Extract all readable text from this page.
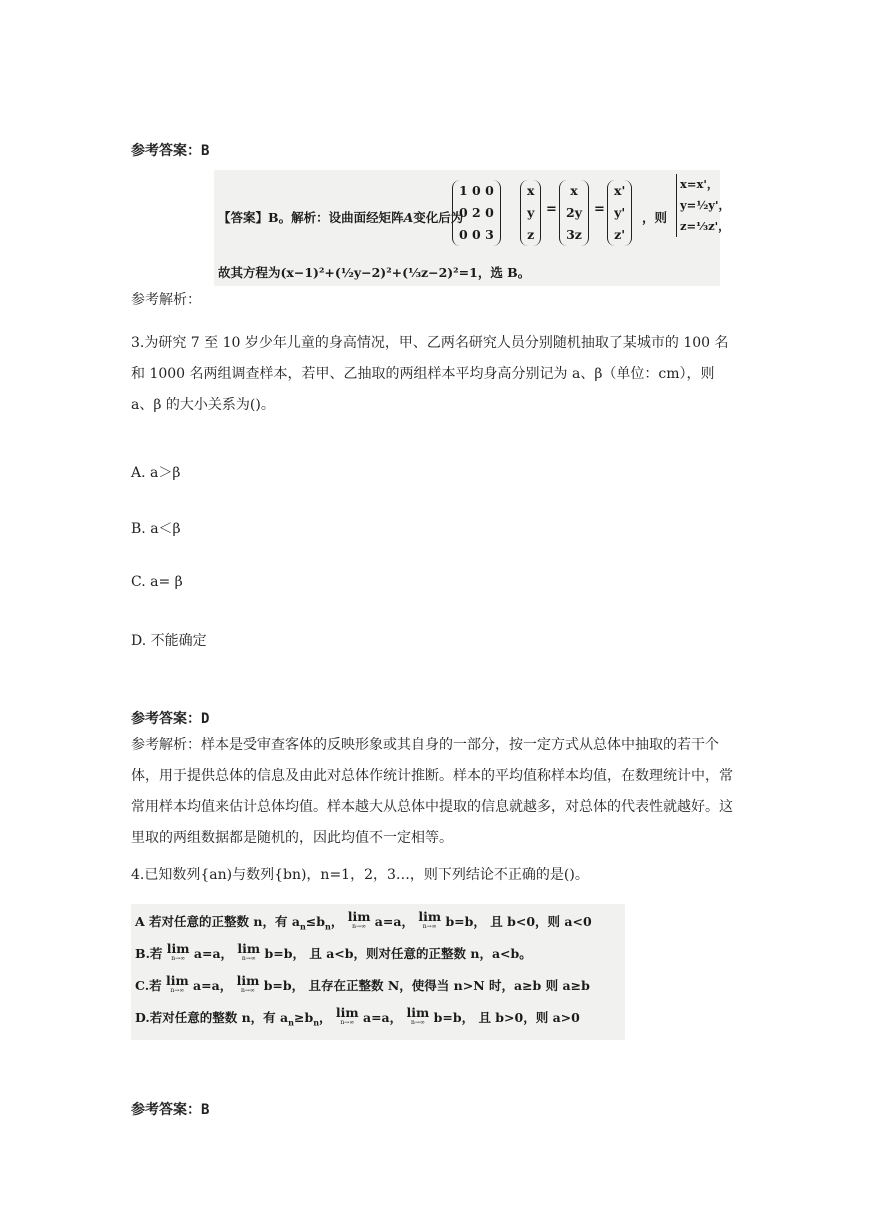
参考答案：B
【答案】B。解析：设曲面经矩阵A变化后为
1 0 0
0 2 0
0 0 3
x
y
z
=
x
2y
3z
=
x'
y'
z'
，则
x=x'，
y=½y'，
z=⅓z'，
故其方程为(x−1)²+(½y−2)²+(⅓z−2)²=1，选 B。
参考解析：
3.为研究 7 至 10 岁少年儿童的身高情况，甲、乙两名研究人员分别随机抽取了某城市的 100 名和 1000 名两组调查样本，若甲、乙抽取的两组样本平均身高分别记为 a、β（单位：cm），则 a、β 的大小关系为()。
A. a＞β
B. a＜β
C. a= β
D. 不能确定
参考答案：D
参考解析：样本是受审查客体的反映形象或其自身的一部分，按一定方式从总体中抽取的若干个体，用于提供总体的信息及由此对总体作统计推断。样本的平均值称样本均值，在数理统计中，常常用样本均值来估计总体均值。样本越大从总体中提取的信息就越多，对总体的代表性就越好。这里取的两组数据都是随机的，因此均值不一定相等。
4.已知数列{an)与数列{bn)，n=1，2，3…，则下列结论不正确的是()。
A 若对任意的正整数 n，有 $a_n\le b_n$， lim
n→∞ a=a， lim
n→∞ b=b， 且 b<0，则 a<0
B.若 lim
n→∞ a=a， lim
n→∞ b=b， 且 a<b，则对任意的正整数 n，a<b。
C.若 lim
n→∞ a=a， lim
n→∞ b=b， 且存在正整数 N，使得当 n>N 时，a≥b 则 a≥b
D.若对任意的整数 n，有 $a_n\ge b_n$， lim
n→∞ a=a， lim
n→∞ b=b， 且 b>0，则 a>0
参考答案：B
